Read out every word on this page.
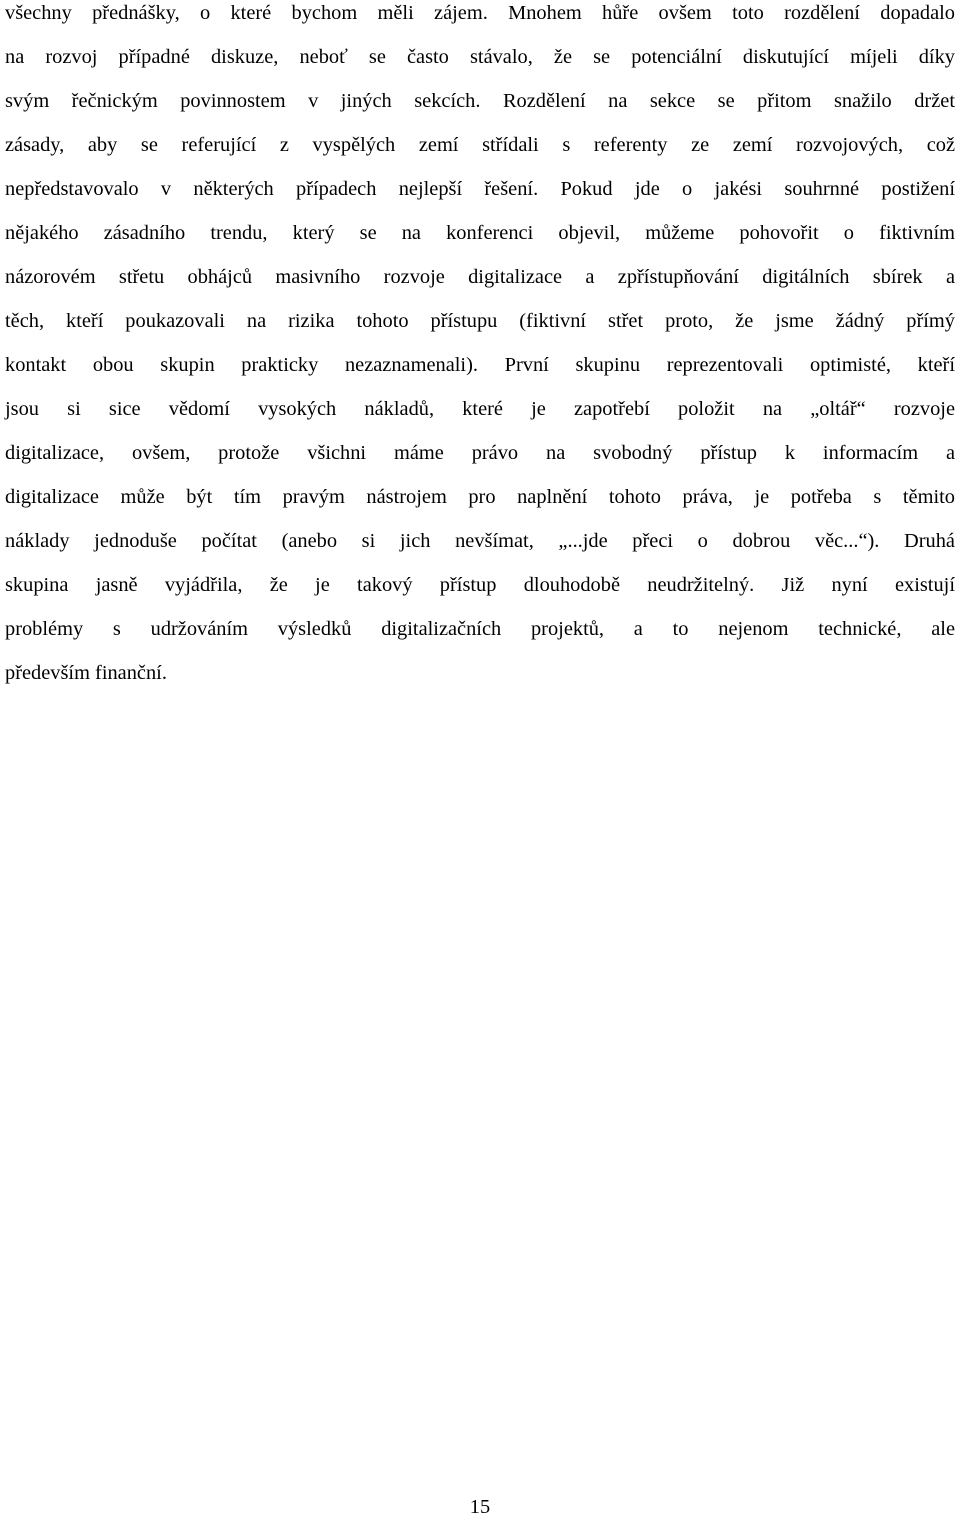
všechny přednášky, o které bychom měli zájem. Mnohem hůře ovšem toto rozdělení dopadalo
na rozvoj případné diskuze, neboť se často stávalo, že se potenciální diskutující míjeli díky
svým řečnickým povinnostem v jiných sekcích. Rozdělení na sekce se přitom snažilo držet
zásady, aby se referující z vyspělých zemí střídali s referenty ze zemí rozvojových, což
nepředstavovalo v některých případech nejlepší řešení. Pokud jde o jakési souhrnné postižení
nějakého zásadního trendu, který se na konferenci objevil, můžeme pohovořit o fiktivním
názorovém střetu obhájců masivního rozvoje digitalizace a zpřístupňování digitálních sbírek a
těch, kteří poukazovali na rizika tohoto přístupu (fiktivní střet proto, že jsme žádný přímý
kontakt obou skupin prakticky nezaznamenali). První skupinu reprezentovali optimisté, kteří
jsou si sice vědomí vysokých nákladů, které je zapotřebí položit na „oltář“ rozvoje
digitalizace, ovšem, protože všichni máme právo na svobodný přístup k informacím a
digitalizace může být tím pravým nástrojem pro naplnění tohoto práva, je potřeba s těmito
náklady jednoduše počítat (anebo si jich nevšímat, „...jde přeci o dobrou věc...“). Druhá
skupina jasně vyjádřila, že je takový přístup dlouhodobě neudržitelný. Již nyní existují
problémy s udržováním výsledků digitalizačních projektů, a to nejenom technické, ale
především finanční.
15
